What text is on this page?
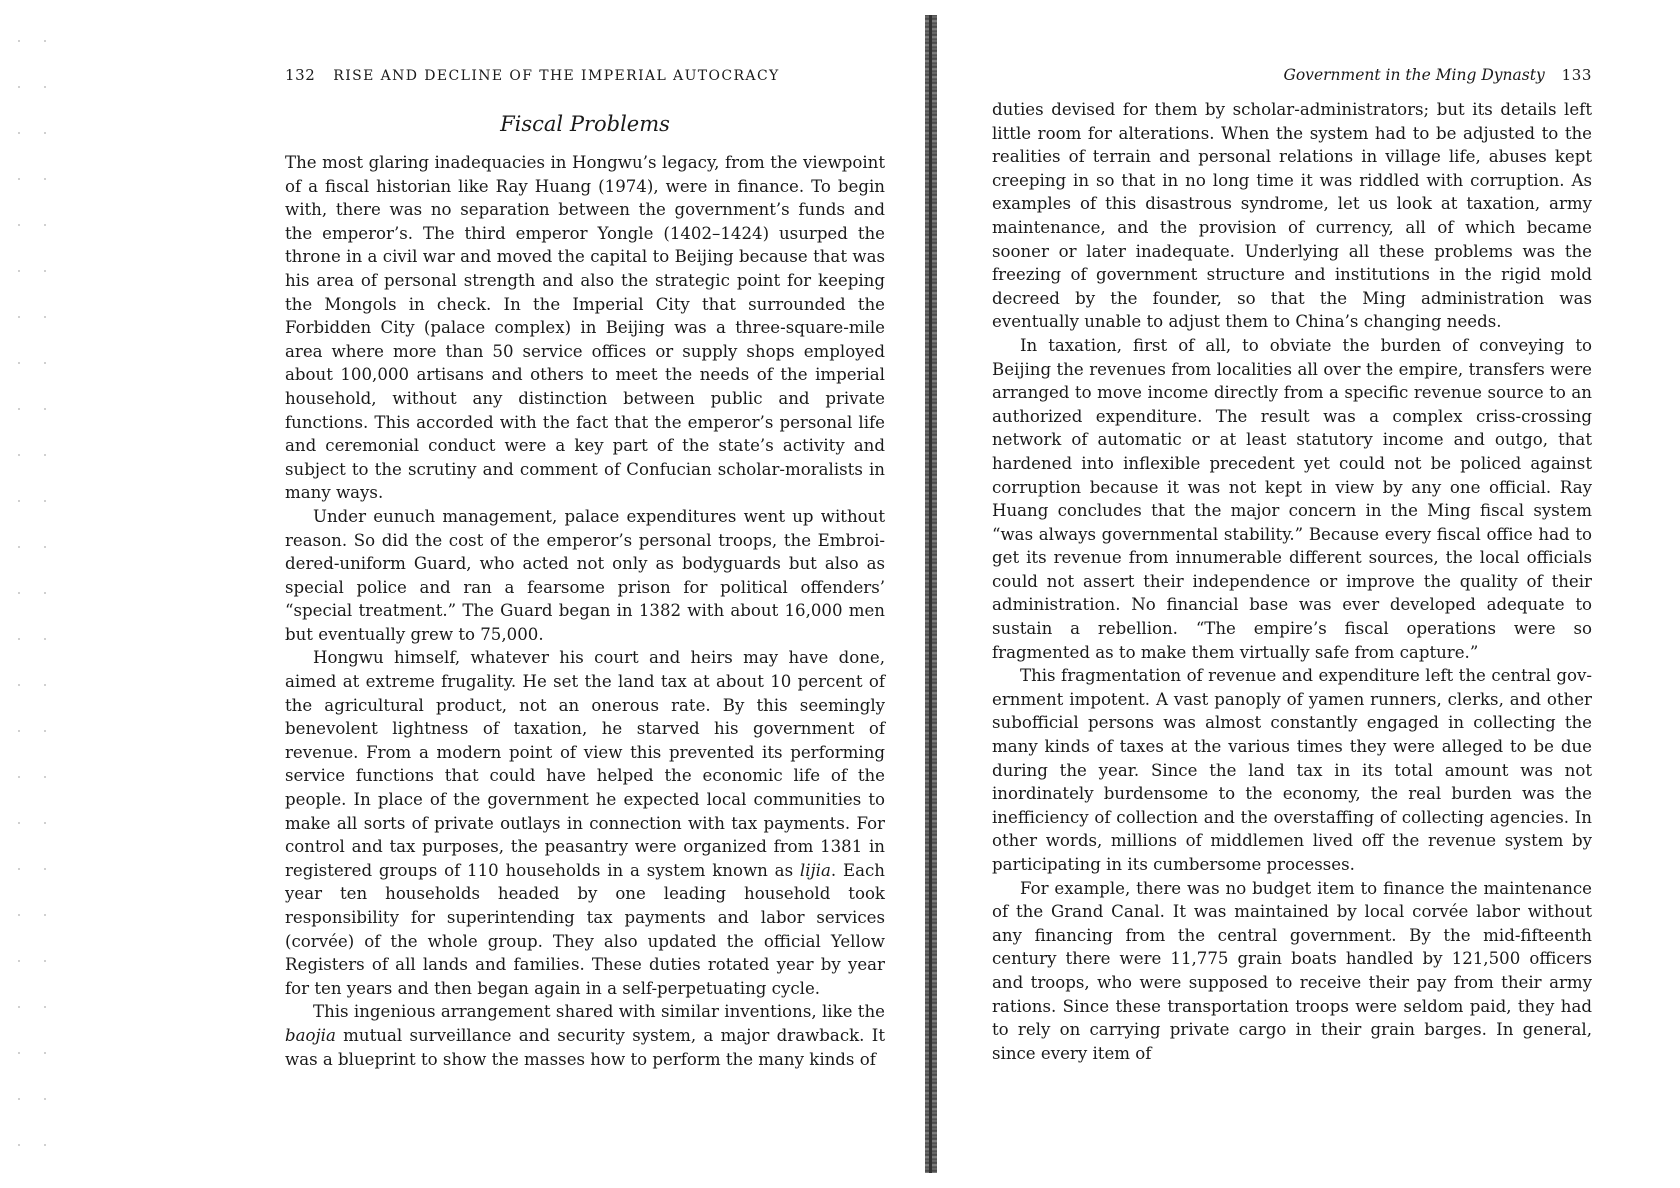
132 RISE AND DECLINE OF THE IMPERIAL AUTOCRACY
Fiscal Problems

The most glaring inadequacies in Hongwu’s legacy, from the viewpoint of a fiscal historian like Ray Huang (1974), were in finance. To begin with, there was no separation between the government’s funds and the emperor’s. The third emperor Yongle (1402–1424) usurped the throne in a civil war and moved the capital to Beijing because that was his area of personal strength and also the strategic point for keeping the Mongols in check. In the Imperial City that surrounded the Forbidden City (palace complex) in Beijing was a three-square-mile area where more than 50 service offices or supply shops employed about 100,000 artisans and others to meet the needs of the imperial household, without any distinction between public and private functions. This accorded with the fact that the emperor’s personal life and ceremonial conduct were a key part of the state’s activity and subject to the scrutiny and comment of Confucian scholar-moralists in many ways.

Under eunuch management, palace expenditures went up without reason. So did the cost of the emperor’s personal troops, the Embroidered-uniform Guard, who acted not only as bodyguards but also as special police and ran a fearsome prison for political offenders’ “special treatment.” The Guard began in 1382 with about 16,000 men but eventually grew to 75,000.

Hongwu himself, whatever his court and heirs may have done, aimed at extreme frugality. He set the land tax at about 10 percent of the agricultural product, not an onerous rate. By this seemingly benevolent lightness of taxation, he starved his government of revenue. From a modern point of view this prevented its performing service functions that could have helped the economic life of the people. In place of the government he expected local communities to make all sorts of private outlays in connection with tax payments. For control and tax purposes, the peasantry were organized from 1381 in registered groups of 110 households in a system known as lijia. Each year ten households headed by one leading household took responsibility for superintending tax payments and labor services (corvée) of the whole group. They also updated the official Yellow Registers of all lands and families. These duties rotated year by year for ten years and then began again in a self-perpetuating cycle.

This ingenious arrangement shared with similar inventions, like the baojia mutual surveillance and security system, a major drawback. It was a blueprint to show the masses how to perform the many kinds of

Government in the Ming Dynasty 133

duties devised for them by scholar-administrators; but its details left little room for alterations. When the system had to be adjusted to the realities of terrain and personal relations in village life, abuses kept creeping in so that in no long time it was riddled with corruption. As examples of this disastrous syndrome, let us look at taxation, army maintenance, and the provision of currency, all of which became sooner or later inadequate. Underlying all these problems was the freezing of government structure and institutions in the rigid mold decreed by the founder, so that the Ming administration was eventually unable to adjust them to China’s changing needs.

In taxation, first of all, to obviate the burden of conveying to Beijing the revenues from localities all over the empire, transfers were arranged to move income directly from a specific revenue source to an authorized expenditure. The result was a complex criss-crossing network of automatic or at least statutory income and outgo, that hardened into inflexible precedent yet could not be policed against corruption because it was not kept in view by any one official. Ray Huang concludes that the major concern in the Ming fiscal system “was always governmental stability.” Because every fiscal office had to get its revenue from innumerable different sources, the local officials could not assert their independence or improve the quality of their administration. No financial base was ever developed adequate to sustain a rebellion. “The empire’s fiscal operations were so fragmented as to make them virtually safe from capture.”

This fragmentation of revenue and expenditure left the central government impotent. A vast panoply of yamen runners, clerks, and other subofficial persons was almost constantly engaged in collecting the many kinds of taxes at the various times they were alleged to be due during the year. Since the land tax in its total amount was not inordinately burdensome to the economy, the real burden was the inefficiency of collection and the overstaffing of collecting agencies. In other words, millions of middlemen lived off the revenue system by participating in its cumbersome processes.

For example, there was no budget item to finance the maintenance of the Grand Canal. It was maintained by local corvée labor without any financing from the central government. By the mid-fifteenth century there were 11,775 grain boats handled by 121,500 officers and troops, who were supposed to receive their pay from their army rations. Since these transportation troops were seldom paid, they had to rely on carrying private cargo in their grain barges. In general, since every item of
